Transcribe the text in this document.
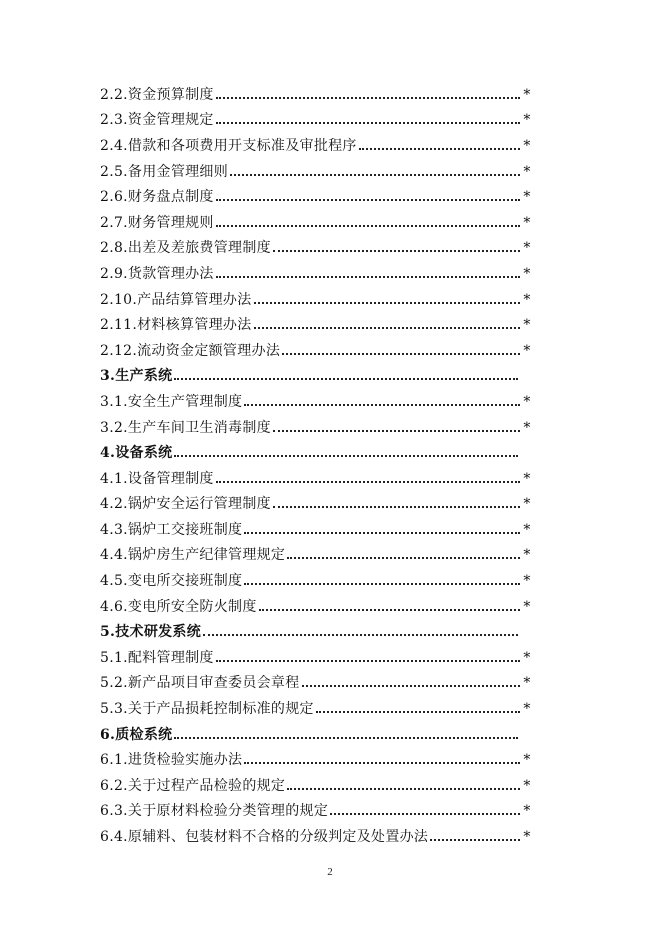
2.2.资金预算制度	*
2.3.资金管理规定	*
2.4.借款和各项费用开支标准及审批程序	*
2.5.备用金管理细则	*
2.6.财务盘点制度	*
2.7.财务管理规则	*
2.8.出差及差旅费管理制度	*
2.9.货款管理办法	*
2.10.产品结算管理办法	*
2.11.材料核算管理办法	*
2.12.流动资金定额管理办法	*
3.生产系统
3.1.安全生产管理制度	*
3.2.生产车间卫生消毒制度	*
4.设备系统
4.1.设备管理制度	*
4.2.锅炉安全运行管理制度	*
4.3.锅炉工交接班制度	*
4.4.锅炉房生产纪律管理规定	*
4.5.变电所交接班制度	*
4.6.变电所安全防火制度	*
5.技术研发系统
5.1.配料管理制度	*
5.2.新产品项目审查委员会章程	*
5.3.关于产品损耗控制标准的规定	*
6.质检系统
6.1.进货检验实施办法	*
6.2.关于过程产品检验的规定	*
6.3.关于原材料检验分类管理的规定	*
6.4.原辅料、包装材料不合格的分级判定及处置办法	*
2
